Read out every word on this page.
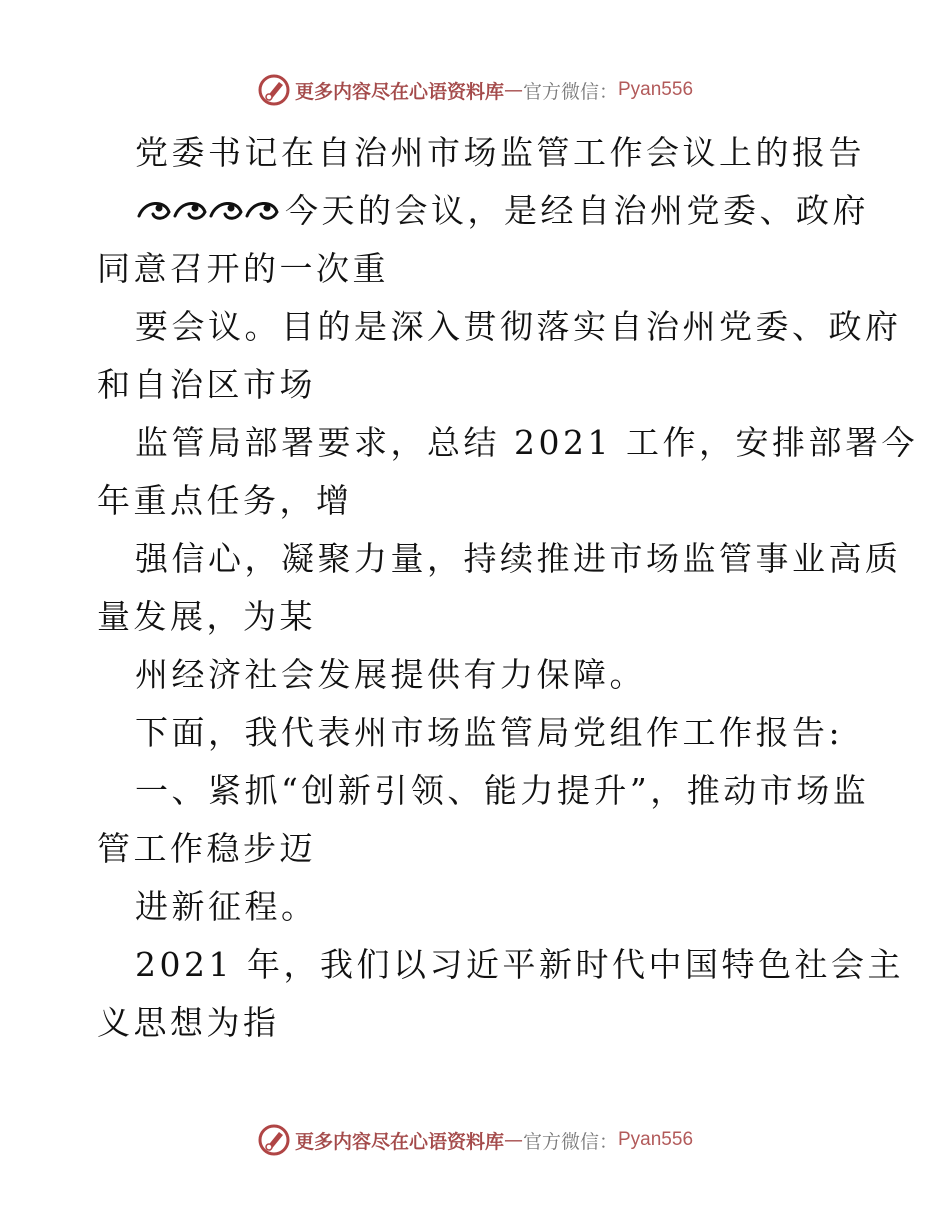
更多内容尽在心语资料库 — 官方微信： Pyan556
党委书记在自治州市场监管工作会议上的报告
今天的会议，是经自治州党委、政府
同意召开的一次重
要会议。目的是深入贯彻落实自治州党委、政府
和自治区市场
监管局部署要求，总结 2021 工作，安排部署今
年重点任务，增
强信心，凝聚力量，持续推进市场监管事业高质
量发展，为某
州经济社会发展提供有力保障。
下面，我代表州市场监管局党组作工作报告:
一、紧抓“创新引领、能力提升”，推动市场监
管工作稳步迈
进新征程。
2021 年，我们以习近平新时代中国特色社会主
义思想为指
更多内容尽在心语资料库 — 官方微信： Pyan556
